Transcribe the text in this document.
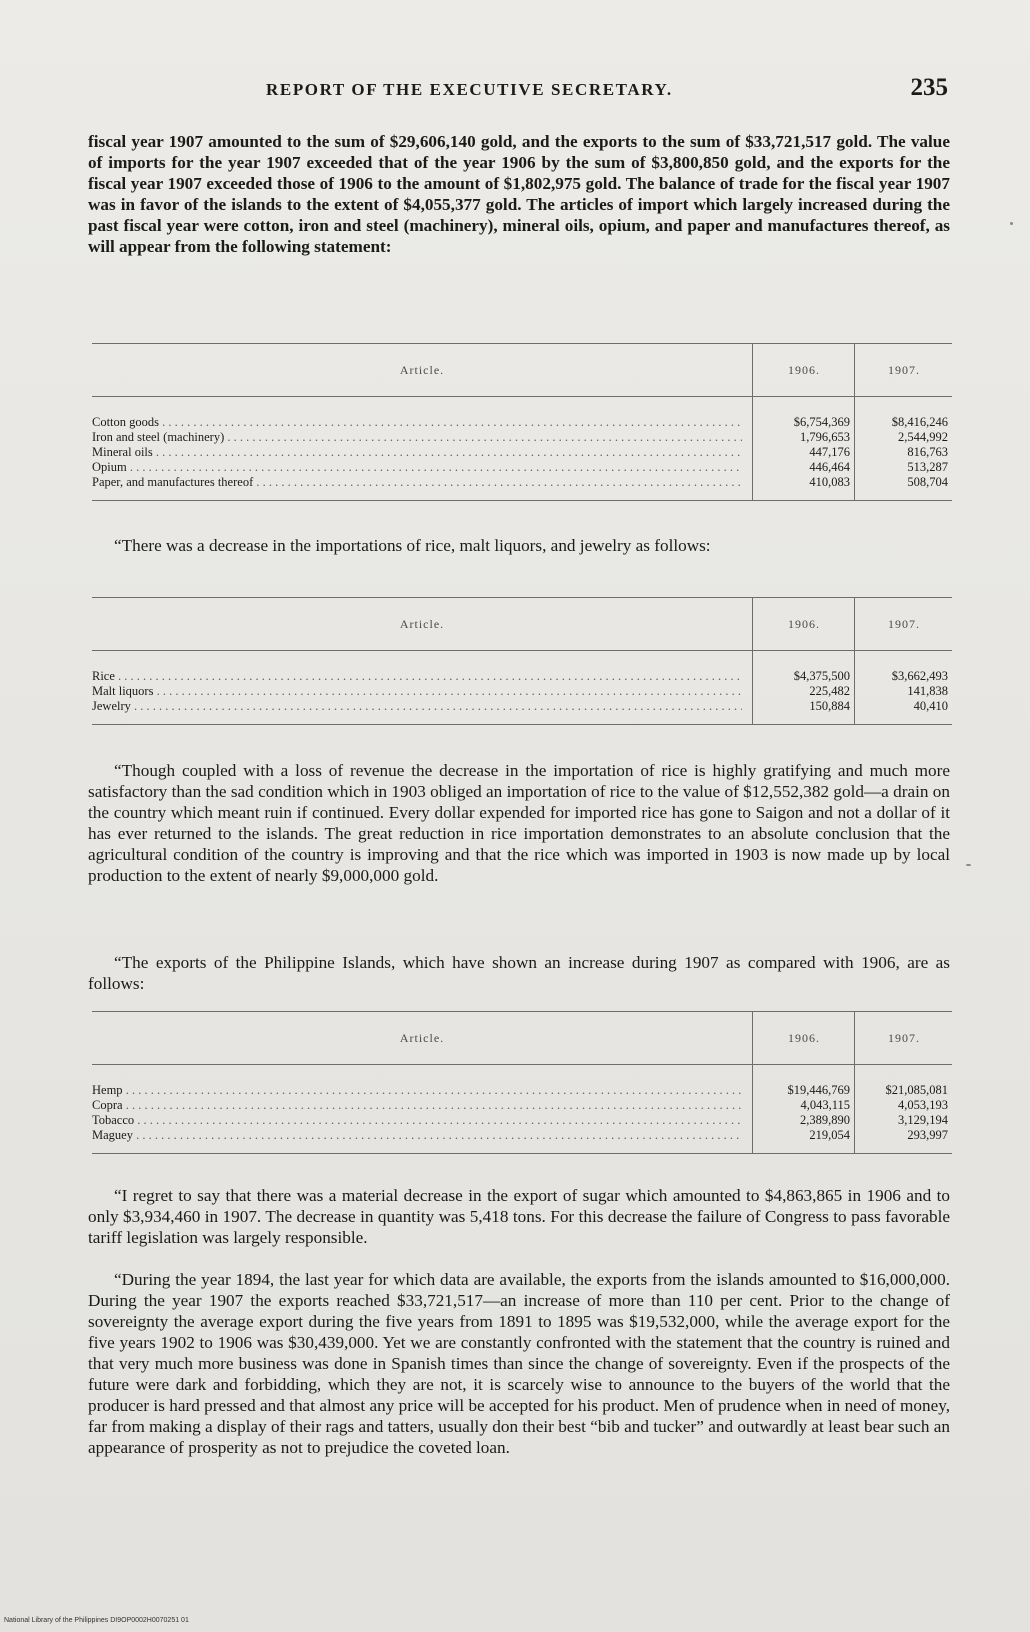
REPORT OF THE EXECUTIVE SECRETARY.	235

fiscal year 1907 amounted to the sum of $29,606,140 gold, and the exports to the sum of $33,721,517 gold. The value of imports for the year 1907 exceeded that of the year 1906 by the sum of $3,800,850 gold, and the exports for the fiscal year 1907 exceeded those of 1906 to the amount of $1,802,975 gold. The balance of trade for the fiscal year 1907 was in favor of the islands to the extent of $4,055,377 gold. The articles of import which largely increased during the past fiscal year were cotton, iron and steel (machinery), mineral oils, opium, and paper and manufactures thereof, as will appear from the following statement:

Article.	1906.	1907.
Cotton goods . . .	$6,754,369	$8,416,246
Iron and steel (machinery) . . .	1,796,653	2,544,992
Mineral oils . . .	447,176	816,763
Opium . . .	446,464	513,287
Paper, and manufactures thereof . . .	410,083	508,704

“There was a decrease in the importations of rice, malt liquors, and jewelry as follows:

Article.	1906.	1907.
Rice . . .	$4,375,500	$3,662,493
Malt liquors . . .	225,482	141,838
Jewelry . . .	150,884	40,410

“Though coupled with a loss of revenue the decrease in the importation of rice is highly gratifying and much more satisfactory than the sad condition which in 1903 obliged an importation of rice to the value of $12,552,382 gold—a drain on the country which meant ruin if continued. Every dollar expended for imported rice has gone to Saigon and not a dollar of it has ever returned to the islands. The great reduction in rice importation demonstrates to an absolute conclusion that the agricultural condition of the country is improving and that the rice which was imported in 1903 is now made up by local production to the extent of nearly $9,000,000 gold.

“The exports of the Philippine Islands, which have shown an increase during 1907 as compared with 1906, are as follows:

Article.	1906.	1907.
Hemp . . .	$19,446,769	$21,085,081
Copra . . .	4,043,115	4,053,193
Tobacco . . .	2,389,890	3,129,194
Maguey . . .	219,054	293,997

“I regret to say that there was a material decrease in the export of sugar which amounted to $4,863,865 in 1906 and to only $3,934,460 in 1907. The decrease in quantity was 5,418 tons. For this decrease the failure of Congress to pass favorable tariff legislation was largely responsible.

“During the year 1894, the last year for which data are available, the exports from the islands amounted to $16,000,000. During the year 1907 the exports reached $33,721,517—an increase of more than 110 per cent. Prior to the change of sovereignty the average export during the five years from 1891 to 1895 was $19,532,000, while the average export for the five years 1902 to 1906 was $30,439,000. Yet we are constantly confronted with the statement that the country is ruined and that very much more business was done in Spanish times than since the change of sovereignty. Even if the prospects of the future were dark and forbidding, which they are not, it is scarcely wise to announce to the buyers of the world that the producer is hard pressed and that almost any price will be accepted for his product. Men of prudence when in need of money, far from making a display of their rags and tatters, usually don their best “bib and tucker” and outwardly at least bear such an appearance of prosperity as not to prejudice the coveted loan.

National Library of the Philippines DI9OP0002H0070251 01
